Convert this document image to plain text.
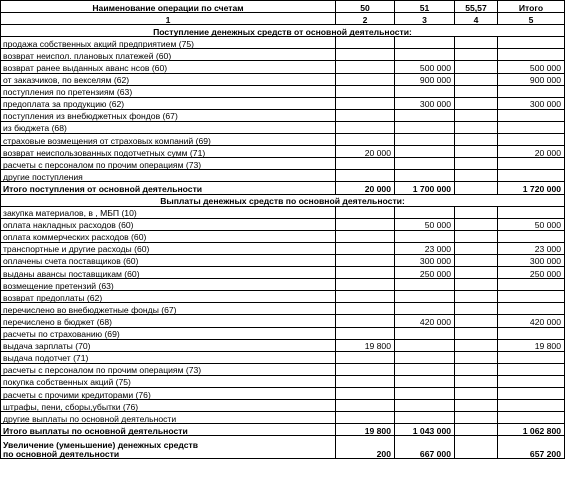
Наименование операции по счетам	50	51	55,57	Итого
1	2	3	4	5
Поступление денежных средств от основной деятельности:				
продажа собственных акций предприятием (75)				
возврат неиспол. плановых платежей (60)				
возврат ранее выданных аванс нсов (60)		500 000		500 000
от заказчиков, по векселям (62)		900 000		900 000
поступления по претензиям (63)				
предоплата за продукцию (62)		300 000		300 000
поступления из внебюджетных фондов (67)				
из бюджета (68)				
страховые возмещения от страховых компаний (69)				
возврат неиспользованных подотчетных сумм (71)	20 000			20 000
расчеты с персоналом по прочим операциям (73)				
другие поступления				
Итого поступления от основной деятельности	20 000	1 700 000		1 720 000
Выплаты денежных средств по основной деятельности:				
закупка материалов, в , МБП (10)				
оплата накладных расходов (60)		50 000		50 000
оплата коммерческих расходов (60)				
транспортные и другие расходы (60)		23 000		23 000
оплачены счета поставщиков (60)		300 000		300 000
выданы авансы поставщикам (60)		250 000		250 000
возмещение претензий (63)				
возврат предоплаты (62)				
перечислено во внебюджетные фонды (67)				
перечислено в бюджет (68)		420 000		420 000
расчеты по страхованию (69)				
выдача зарплаты (70)	19 800			19 800
выдача подотчет (71)				
расчеты с персоналом по прочим операциям (73)				
покупка собственных акций (75)				
расчеты с прочими кредиторами (76)				
штрафы, пени, сборы,убытки (76)				
другие выплаты по основной деятельности				
Итого выплаты по основной деятельности	19 800	1 043 000		1 062 800

Увеличение (уменьшение) денежных средств
по основной деятельности	200	667 000		657 200
